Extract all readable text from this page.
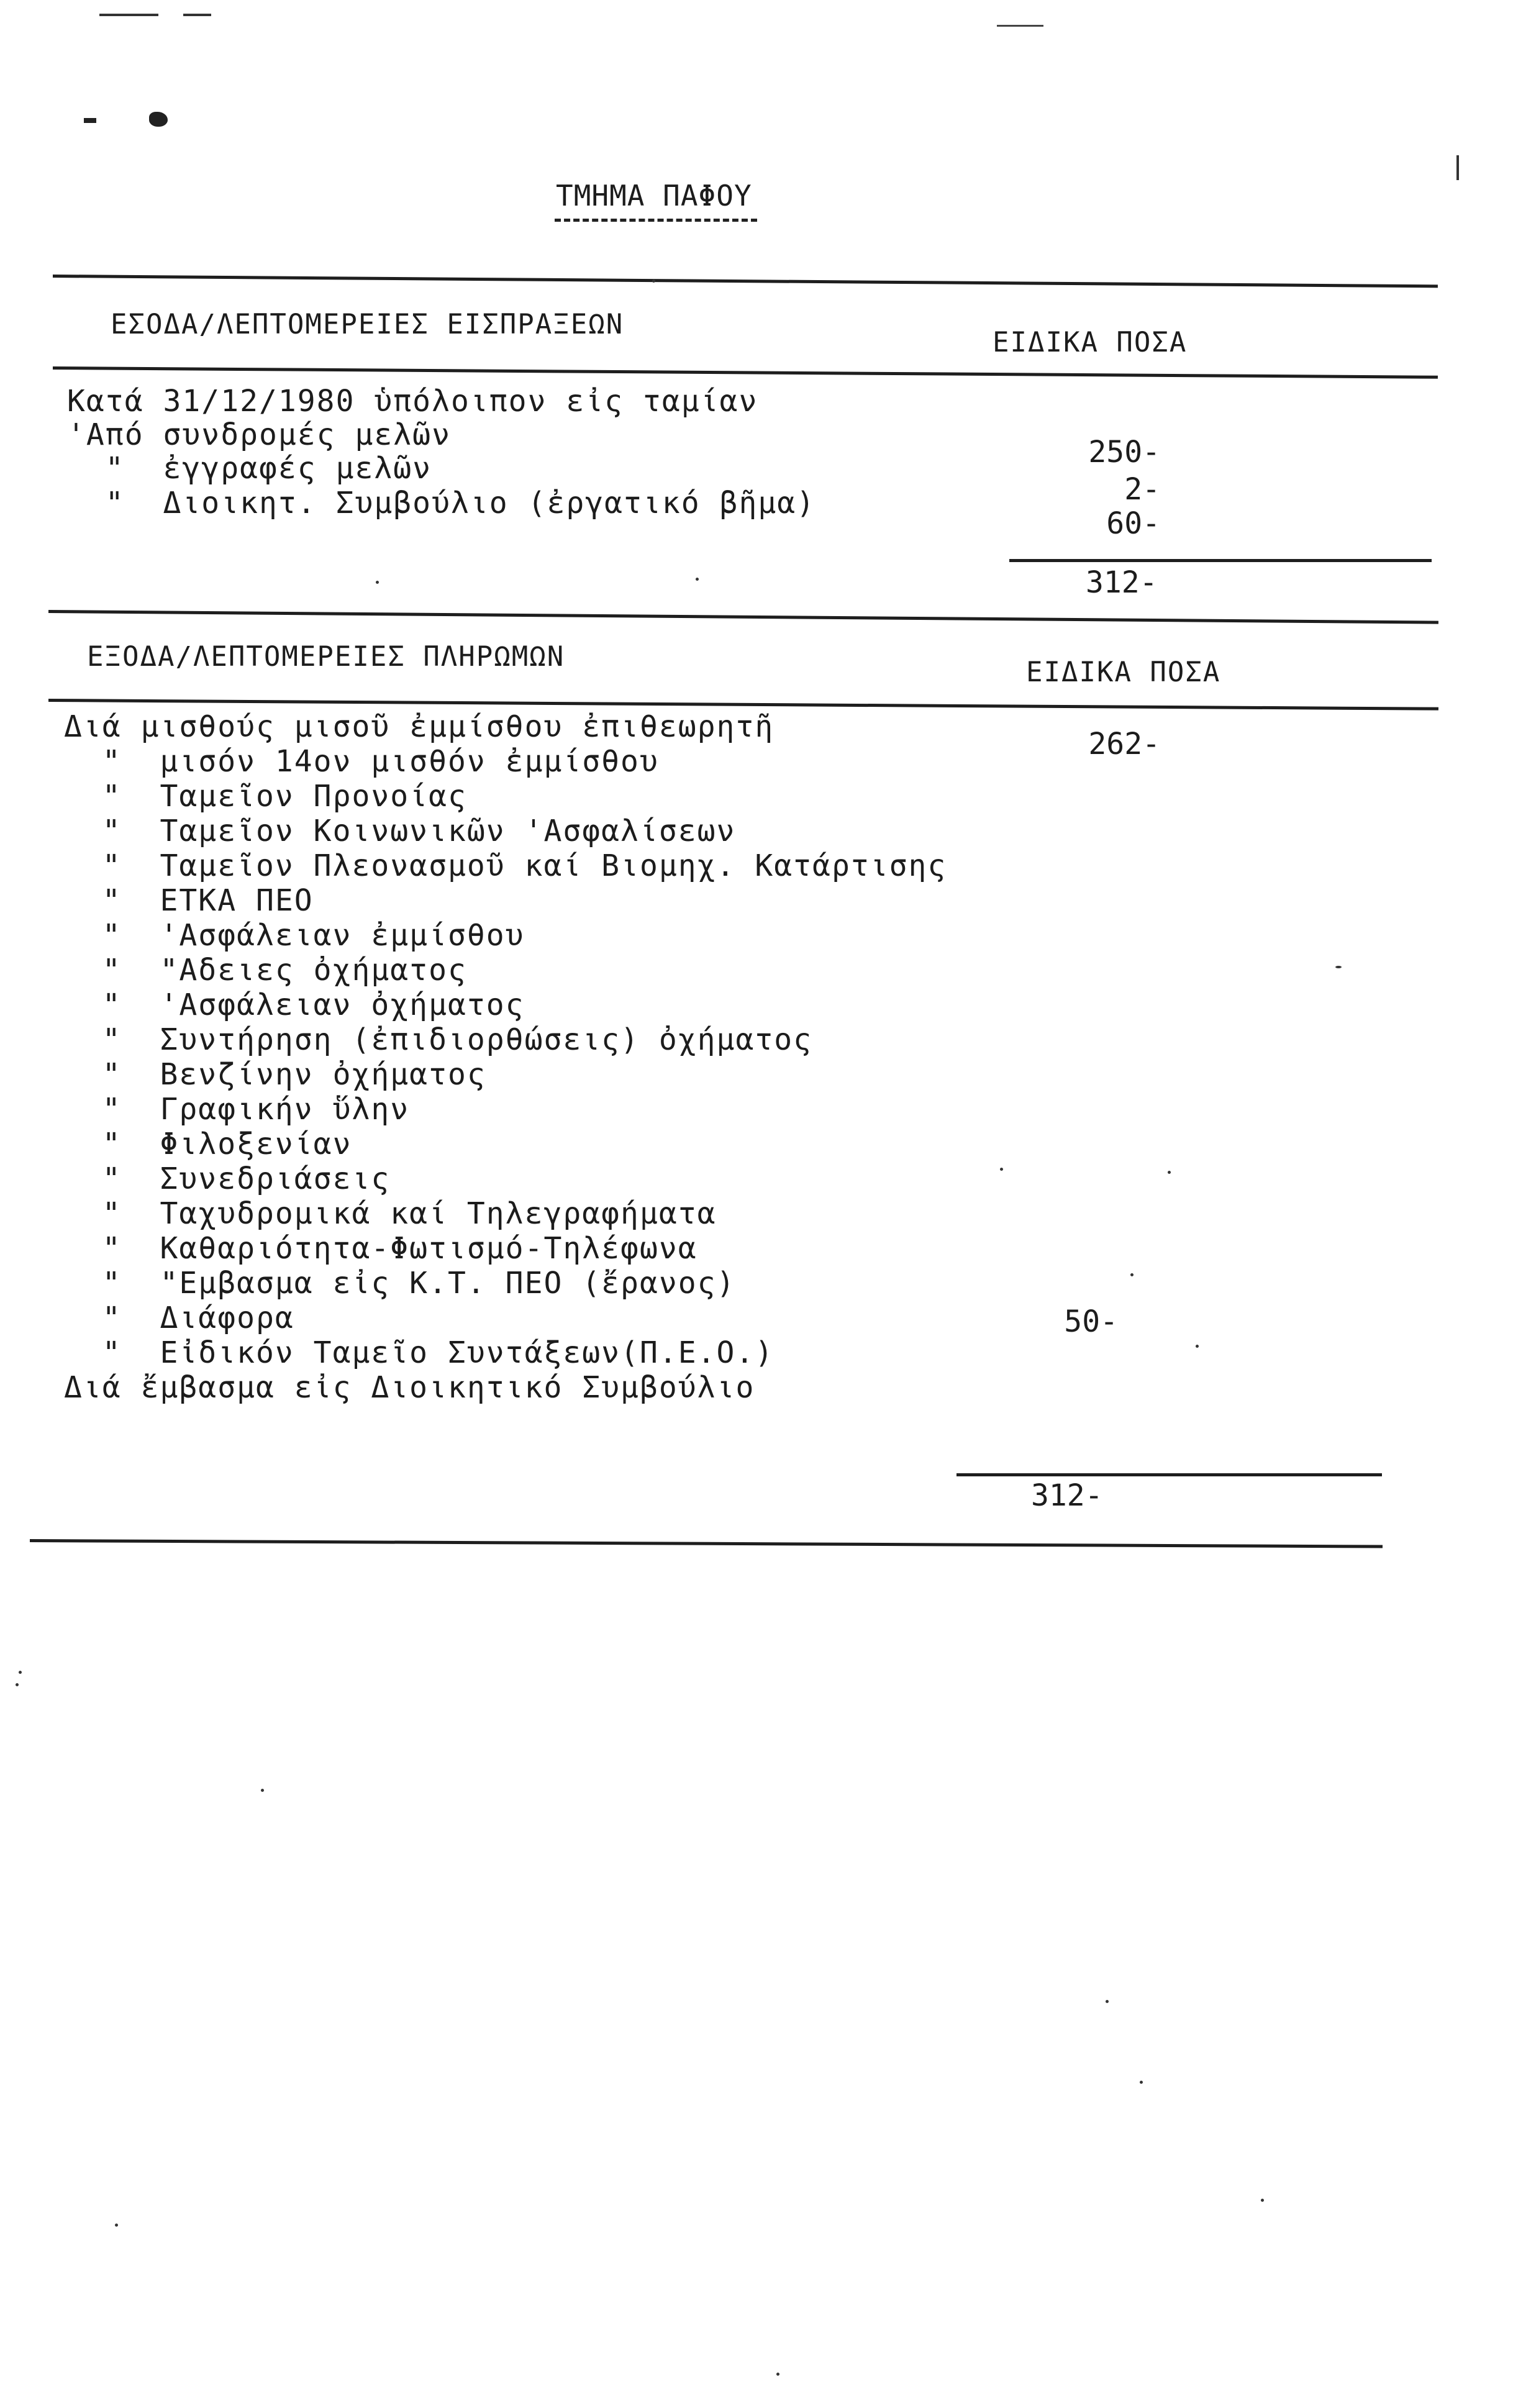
ΤΜΗΜΑ ΠΑΦΟΥ
ΕΣΟΔΑ/ΛΕΠΤΟΜΕΡΕΙΕΣ ΕΙΣΠΡΑΞΕΩΝ
ΕΙΔΙΚΑ ΠΟΣΑ
Κατά 31/12/1980 ὑπόλοιπον εἰς ταμίαν
'Από συνδρομές μελῶν
"  ἐγγραφές μελῶν
"  Διοικητ. Συμβούλιο (ἐργατικό βῆμα)
250-
2-
60-
312-
ΕΞΟΔΑ/ΛΕΠΤΟΜΕΡΕΙΕΣ ΠΛΗΡΩΜΩΝ	ΕΙΔΙΚΑ ΠΟΣΑ
Διά μισθούς μισοῦ ἐμμίσθου ἐπιθεωρητῆ
"  μισόν 14ον μισθόν ἐμμίσθου
"  Ταμεῖον Προνοίας
"  Ταμεῖον Κοινωνικῶν 'Ασφαλίσεων
"  Ταμεῖον Πλεονασμοῦ καί Βιομηχ. Κατάρτισης
"  ΕΤΚΑ ΠΕΟ
"  'Ασφάλειαν ἐμμίσθου
"  "Αδειες ὀχήματος
"  'Ασφάλειαν ὀχήματος
"  Συντήρηση (ἐπιδιορθώσεις) ὀχήματος
"  Βενζίνην ὀχήματος
"  Γραφικήν ὕλην
"  Φιλοξενίαν
"  Συνεδριάσεις
"  Ταχυδρομικά καί Τηλεγραφήματα
"  Καθαριότητα-Φωτισμό-Τηλέφωνα
"  "Εμβασμα εἰς Κ.Τ. ΠΕΟ (ἔρανος)
"  Διάφορα
"  Εἰδικόν Ταμεῖο Συντάξεων(Π.Ε.Ο.)
Διά ἔμβασμα εἰς Διοικητικό Συμβούλιο
262-
50-
312-
